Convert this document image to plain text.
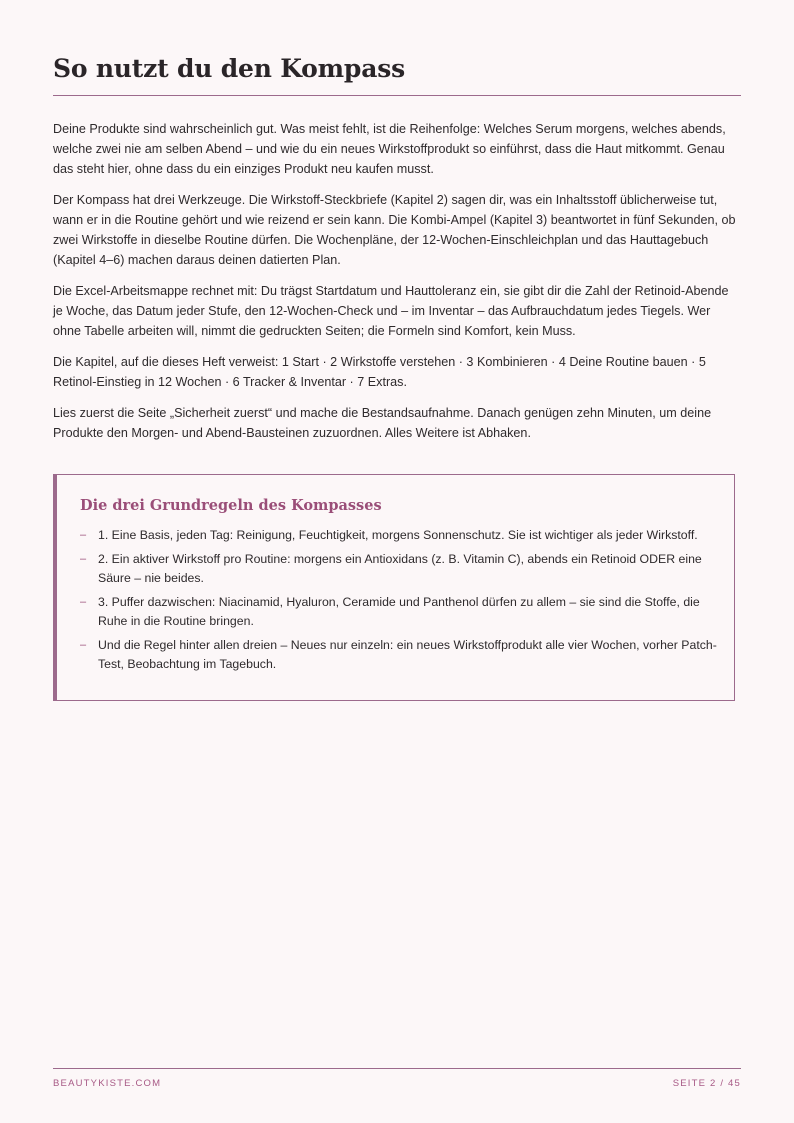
So nutzt du den Kompass

Deine Produkte sind wahrscheinlich gut. Was meist fehlt, ist die Reihenfolge: Welches Serum morgens, welches abends, welche zwei nie am selben Abend – und wie du ein neues Wirkstoffprodukt so einführst, dass die Haut mitkommt. Genau das steht hier, ohne dass du ein einziges Produkt neu kaufen musst.

Der Kompass hat drei Werkzeuge. Die Wirkstoff-Steckbriefe (Kapitel 2) sagen dir, was ein Inhaltsstoff üblicherweise tut, wann er in die Routine gehört und wie reizend er sein kann. Die Kombi-Ampel (Kapitel 3) beantwortet in fünf Sekunden, ob zwei Wirkstoffe in dieselbe Routine dürfen. Die Wochenpläne, der 12-Wochen-Einschleichplan und das Hauttagebuch (Kapitel 4–6) machen daraus deinen datierten Plan.

Die Excel-Arbeitsmappe rechnet mit: Du trägst Startdatum und Hauttoleranz ein, sie gibt dir die Zahl der Retinoid-Abende je Woche, das Datum jeder Stufe, den 12-Wochen-Check und – im Inventar – das Aufbrauchdatum jedes Tiegels. Wer ohne Tabelle arbeiten will, nimmt die gedruckten Seiten; die Formeln sind Komfort, kein Muss.

Die Kapitel, auf die dieses Heft verweist: 1 Start · 2 Wirkstoffe verstehen · 3 Kombinieren · 4 Deine Routine bauen · 5 Retinol-Einstieg in 12 Wochen · 6 Tracker & Inventar · 7 Extras.

Lies zuerst die Seite „Sicherheit zuerst“ und mache die Bestandsaufnahme. Danach genügen zehn Minuten, um deine Produkte den Morgen- und Abend-Bausteinen zuzuordnen. Alles Weitere ist Abhaken.

Die drei Grundregeln des Kompasses
– 1. Eine Basis, jeden Tag: Reinigung, Feuchtigkeit, morgens Sonnenschutz. Sie ist wichtiger als jeder Wirkstoff.
– 2. Ein aktiver Wirkstoff pro Routine: morgens ein Antioxidans (z. B. Vitamin C), abends ein Retinoid ODER eine Säure – nie beides.
– 3. Puffer dazwischen: Niacinamid, Hyaluron, Ceramide und Panthenol dürfen zu allem – sie sind die Stoffe, die Ruhe in die Routine bringen.
– Und die Regel hinter allen dreien – Neues nur einzeln: ein neues Wirkstoffprodukt alle vier Wochen, vorher Patch-Test, Beobachtung im Tagebuch.
BEAUTYKISTE.COM	SEITE 2 / 45
